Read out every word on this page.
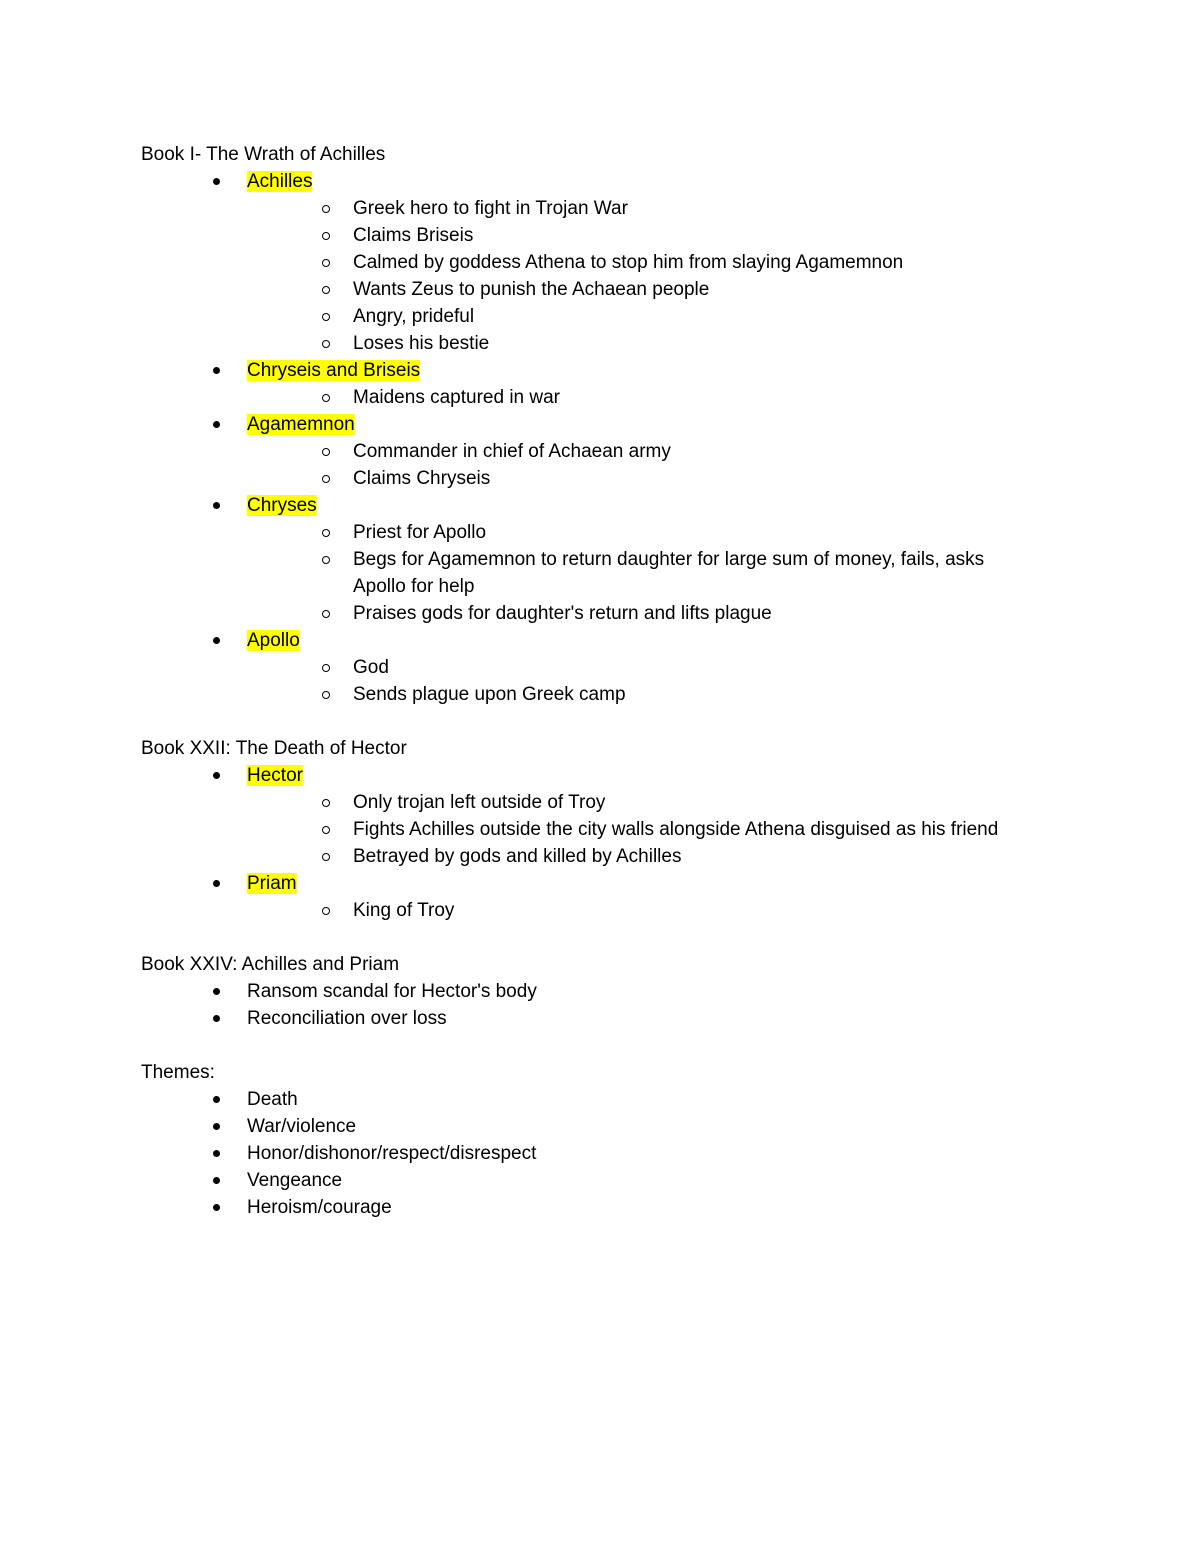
Book I- The Wrath of Achilles
Achilles
Greek hero to fight in Trojan War
Claims Briseis
Calmed by goddess Athena to stop him from slaying Agamemnon
Wants Zeus to punish the Achaean people
Angry, prideful
Loses his bestie
Chryseis and Briseis
Maidens captured in war
Agamemnon
Commander in chief of Achaean army
Claims Chryseis
Chryses
Priest for Apollo
Begs for Agamemnon to return daughter for large sum of money, fails, asks Apollo for help
Praises gods for daughter's return and lifts plague
Apollo
God
Sends plague upon Greek camp
Book XXII: The Death of Hector
Hector
Only trojan left outside of Troy
Fights Achilles outside the city walls alongside Athena disguised as his friend
Betrayed by gods and killed by Achilles
Priam
King of Troy
Book XXIV: Achilles and Priam
Ransom scandal for Hector's body
Reconciliation over loss
Themes:
Death
War/violence
Honor/dishonor/respect/disrespect
Vengeance
Heroism/courage
